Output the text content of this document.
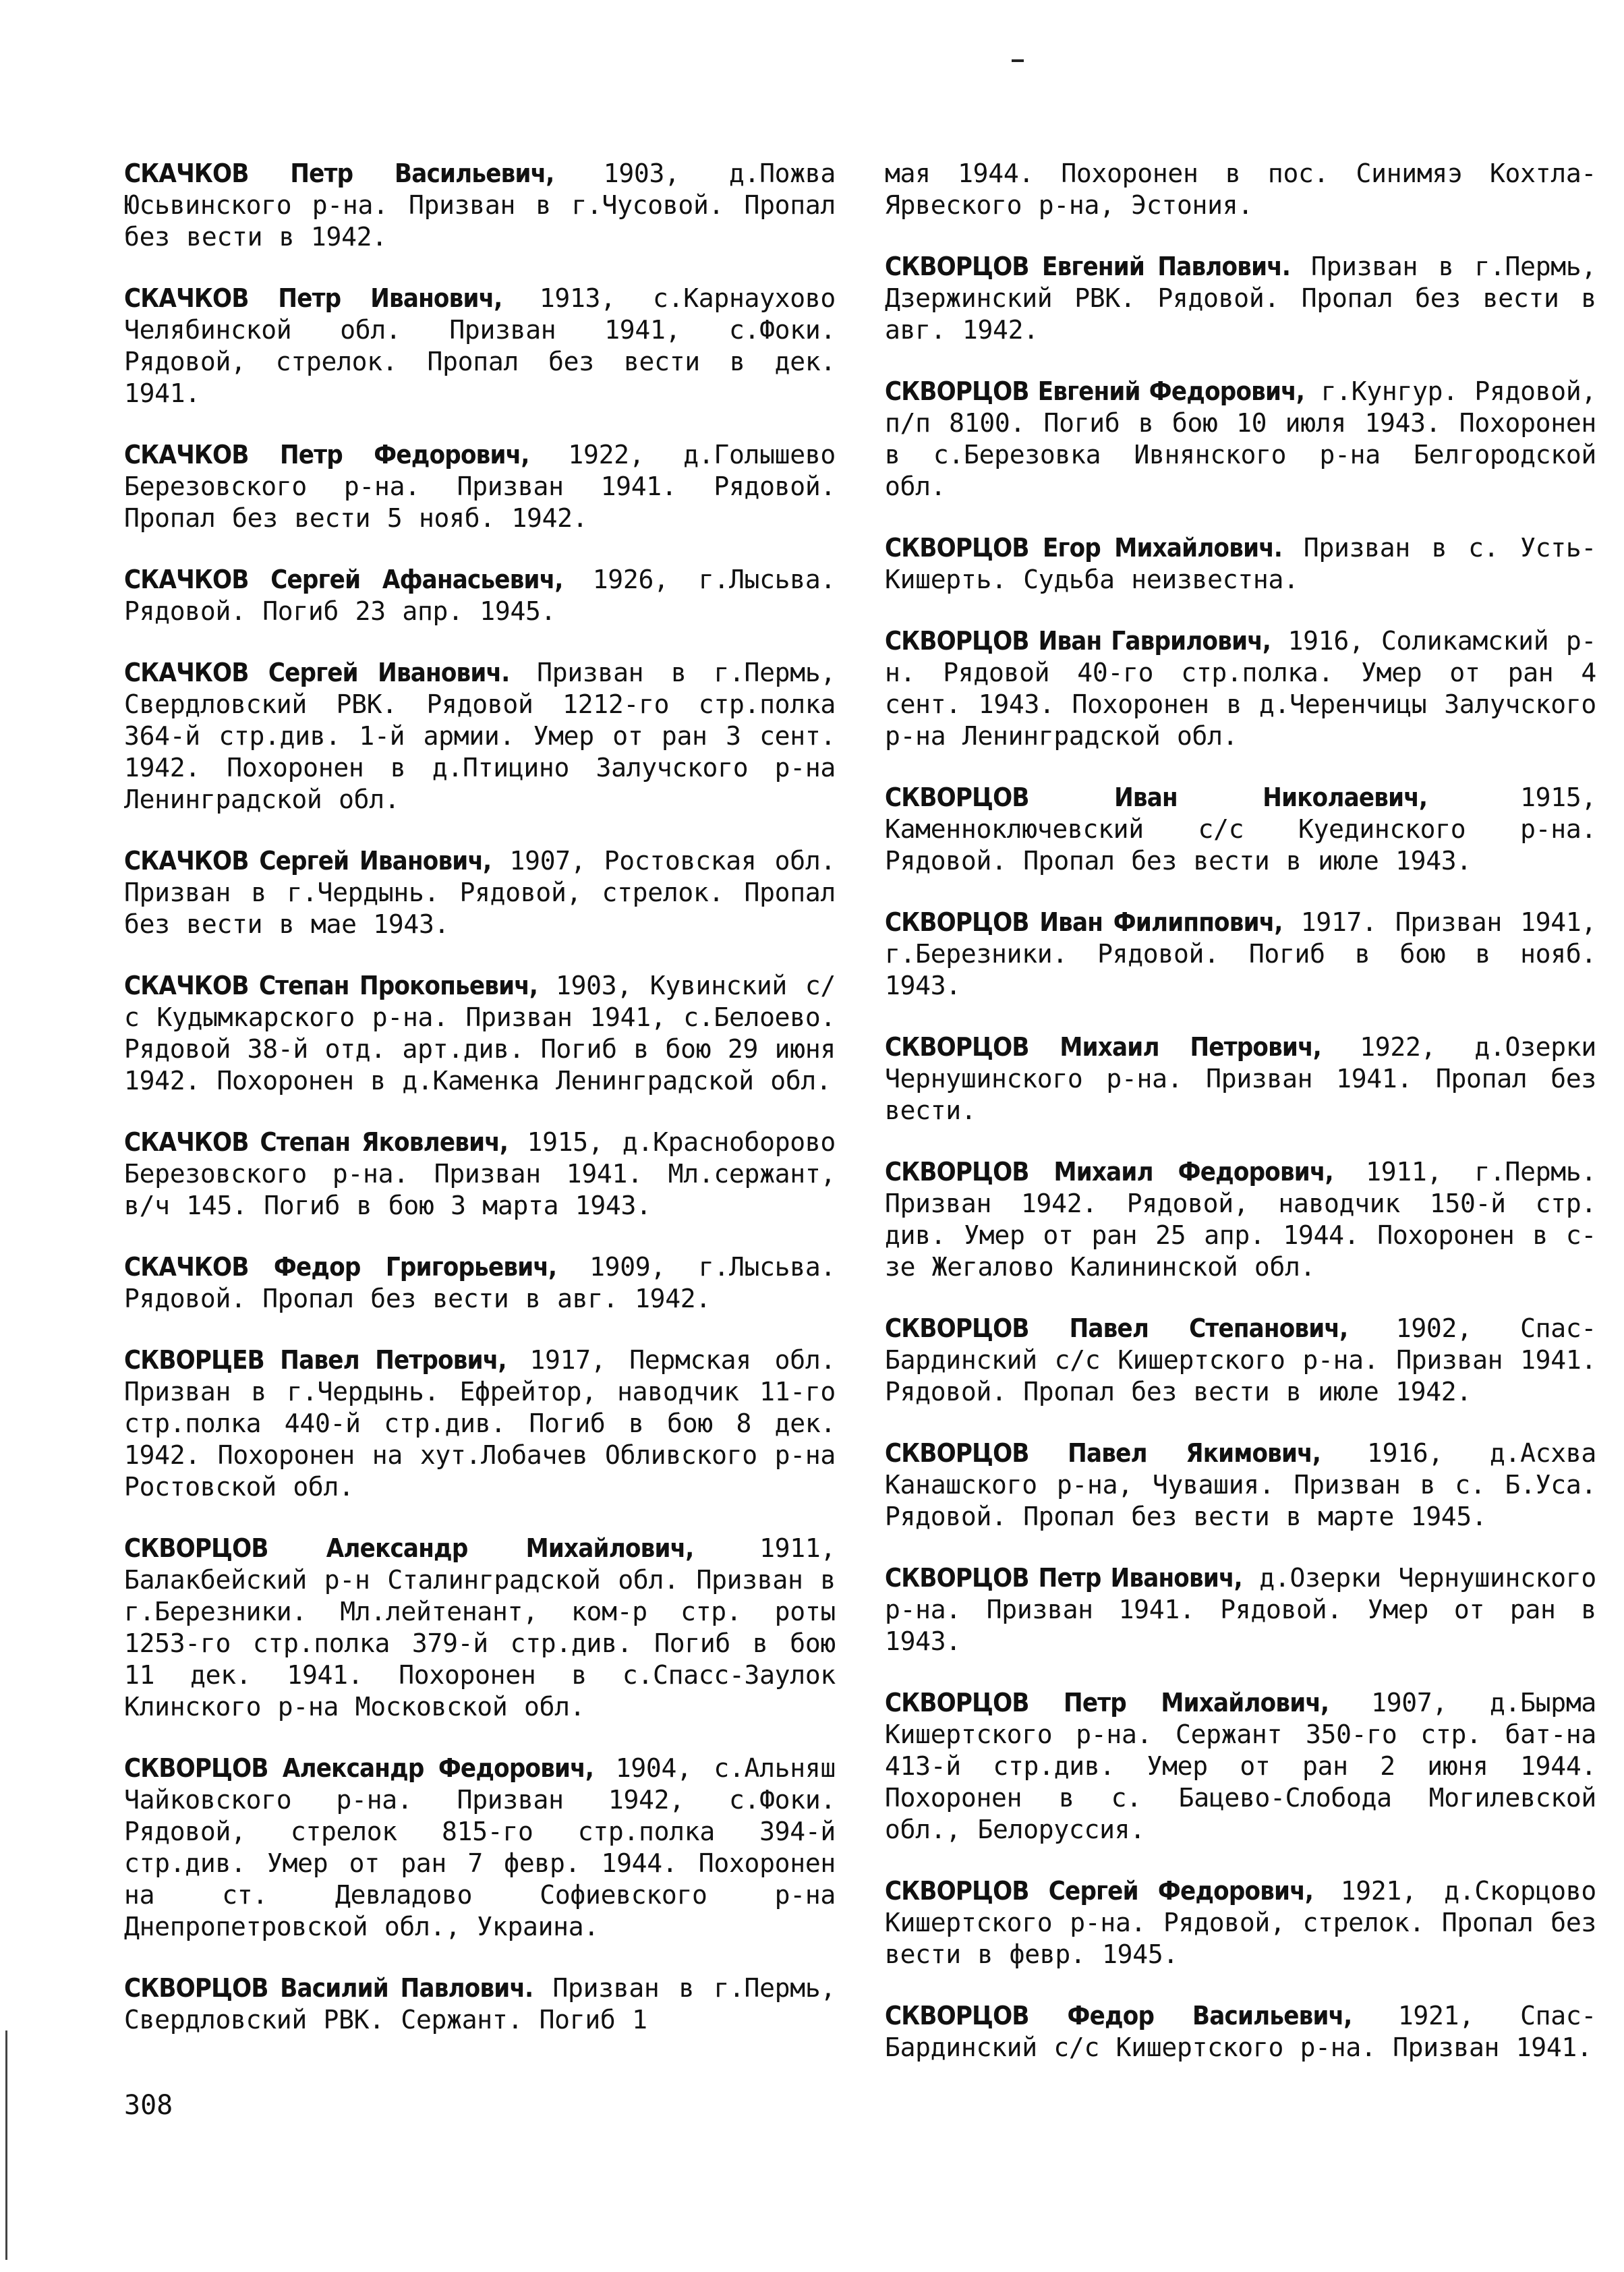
СКАЧКОВ Петр Васильевич, 1903, д.Пожва Юсьвинского р-на. Призван в г.Чусовой. Пропал без вести в 1942.

СКАЧКОВ Петр Иванович, 1913, с.Карнаухово Челябинской обл. Призван 1941, с.Фоки. Рядовой, стрелок. Пропал без вести в дек. 1941.

СКАЧКОВ Петр Федорович, 1922, д.Голышево Березовского р-на. Призван 1941. Рядовой. Пропал без вести 5 нояб. 1942.

СКАЧКОВ Сергей Афанасьевич, 1926, г.Лысьва. Рядовой. Погиб 23 апр. 1945.

СКАЧКОВ Сергей Иванович. Призван в г.Пермь, Свердловский РВК. Рядовой 1212-го стр.полка 364-й стр.див. 1-й армии. Умер от ран 3 сент. 1942. Похоронен в д.Птицино Залучского р-на Ленинградской обл.

СКАЧКОВ Сергей Иванович, 1907, Ростовская обл. Призван в г.Чердынь. Рядовой, стрелок. Пропал без вести в мае 1943.

СКАЧКОВ Степан Прокопьевич, 1903, Кувинский с/с Кудымкарского р-на. Призван 1941, с.Белоево. Рядовой 38-й отд. арт.див. Погиб в бою 29 июня 1942. Похоронен в д.Каменка Ленинградской обл.

СКАЧКОВ Степан Яковлевич, 1915, д.Красноборово Березовского р-на. Призван 1941. Мл.сержант, в/ч 145. Погиб в бою 3 марта 1943.

СКАЧКОВ Федор Григорьевич, 1909, г.Лысьва. Рядовой. Пропал без вести в авг. 1942.

СКВОРЦЕВ Павел Петрович, 1917, Пермская обл. Призван в г.Чердынь. Ефрейтор, наводчик 11-го стр.полка 440-й стр.див. Погиб в бою 8 дек. 1942. Похоронен на хут.Лобачев Обливского р-на Ростовской обл.

СКВОРЦОВ Александр Михайлович, 1911, Балакбейский р-н Сталинградской обл. Призван в г.Березники. Мл.лейтенант, ком-р стр. роты 1253-го стр.полка 379-й стр.див. Погиб в бою 11 дек. 1941. Похоронен в с.Спасс-Заулок Клинского р-на Московской обл.

СКВОРЦОВ Александр Федорович, 1904, с.Альняш Чайковского р-на. Призван 1942, с.Фоки. Рядовой, стрелок 815-го стр.полка 394-й стр.див. Умер от ран 7 февр. 1944. Похоронен на ст. Девладово Софиевского р-на Днепропетровской обл., Украина.

СКВОРЦОВ Василий Павлович. Призван в г.Пермь, Свердловский РВК. Сержант. Погиб 1

мая 1944. Похоронен в пос. Синимяэ Кохтла-Ярвеского р-на, Эстония.

СКВОРЦОВ Евгений Павлович. Призван в г.Пермь, Дзержинский РВК. Рядовой. Пропал без вести в авг. 1942.

СКВОРЦОВ Евгений Федорович, г.Кунгур. Рядовой, п/п 8100. Погиб в бою 10 июля 1943. Похоронен в с.Березовка Ивнянского р-на Белгородской обл.

СКВОРЦОВ Егор Михайлович. Призван в с. Усть-Кишерть. Судьба неизвестна.

СКВОРЦОВ Иван Гаврилович, 1916, Соликамский р-н. Рядовой 40-го стр.полка. Умер от ран 4 сент. 1943. Похоронен в д.Черенчицы Залучского р-на Ленинградской обл.

СКВОРЦОВ Иван Николаевич, 1915, Каменноключевский с/с Куединского р-на. Рядовой. Пропал без вести в июле 1943.

СКВОРЦОВ Иван Филиппович, 1917. Призван 1941, г.Березники. Рядовой. Погиб в бою в нояб. 1943.

СКВОРЦОВ Михаил Петрович, 1922, д.Озерки Чернушинского р-на. Призван 1941. Пропал без вести.

СКВОРЦОВ Михаил Федорович, 1911, г.Пермь. Призван 1942. Рядовой, наводчик 150-й стр. див. Умер от ран 25 апр. 1944. Похоронен в с-зе Жегалово Калининской обл.

СКВОРЦОВ Павел Степанович, 1902, Спас-Бардинский с/с Кишертского р-на. Призван 1941. Рядовой. Пропал без вести в июле 1942.

СКВОРЦОВ Павел Якимович, 1916, д.Асхва Канашского р-на, Чувашия. Призван в с. Б.Уса. Рядовой. Пропал без вести в марте 1945.

СКВОРЦОВ Петр Иванович, д.Озерки Чернушинского р-на. Призван 1941. Рядовой. Умер от ран в 1943.

СКВОРЦОВ Петр Михайлович, 1907, д.Бырма Кишертского р-на. Сержант 350-го стр. бат-на 413-й стр.див. Умер от ран 2 июня 1944. Похоронен в с. Бацево-Слобода Могилевской обл., Белоруссия.

СКВОРЦОВ Сергей Федорович, 1921, д.Скорцово Кишертского р-на. Рядовой, стрелок. Пропал без вести в февр. 1945.

СКВОРЦОВ Федор Васильевич, 1921, Спас-Бардинский с/с Кишертского р-на. Призван 1941.

308
